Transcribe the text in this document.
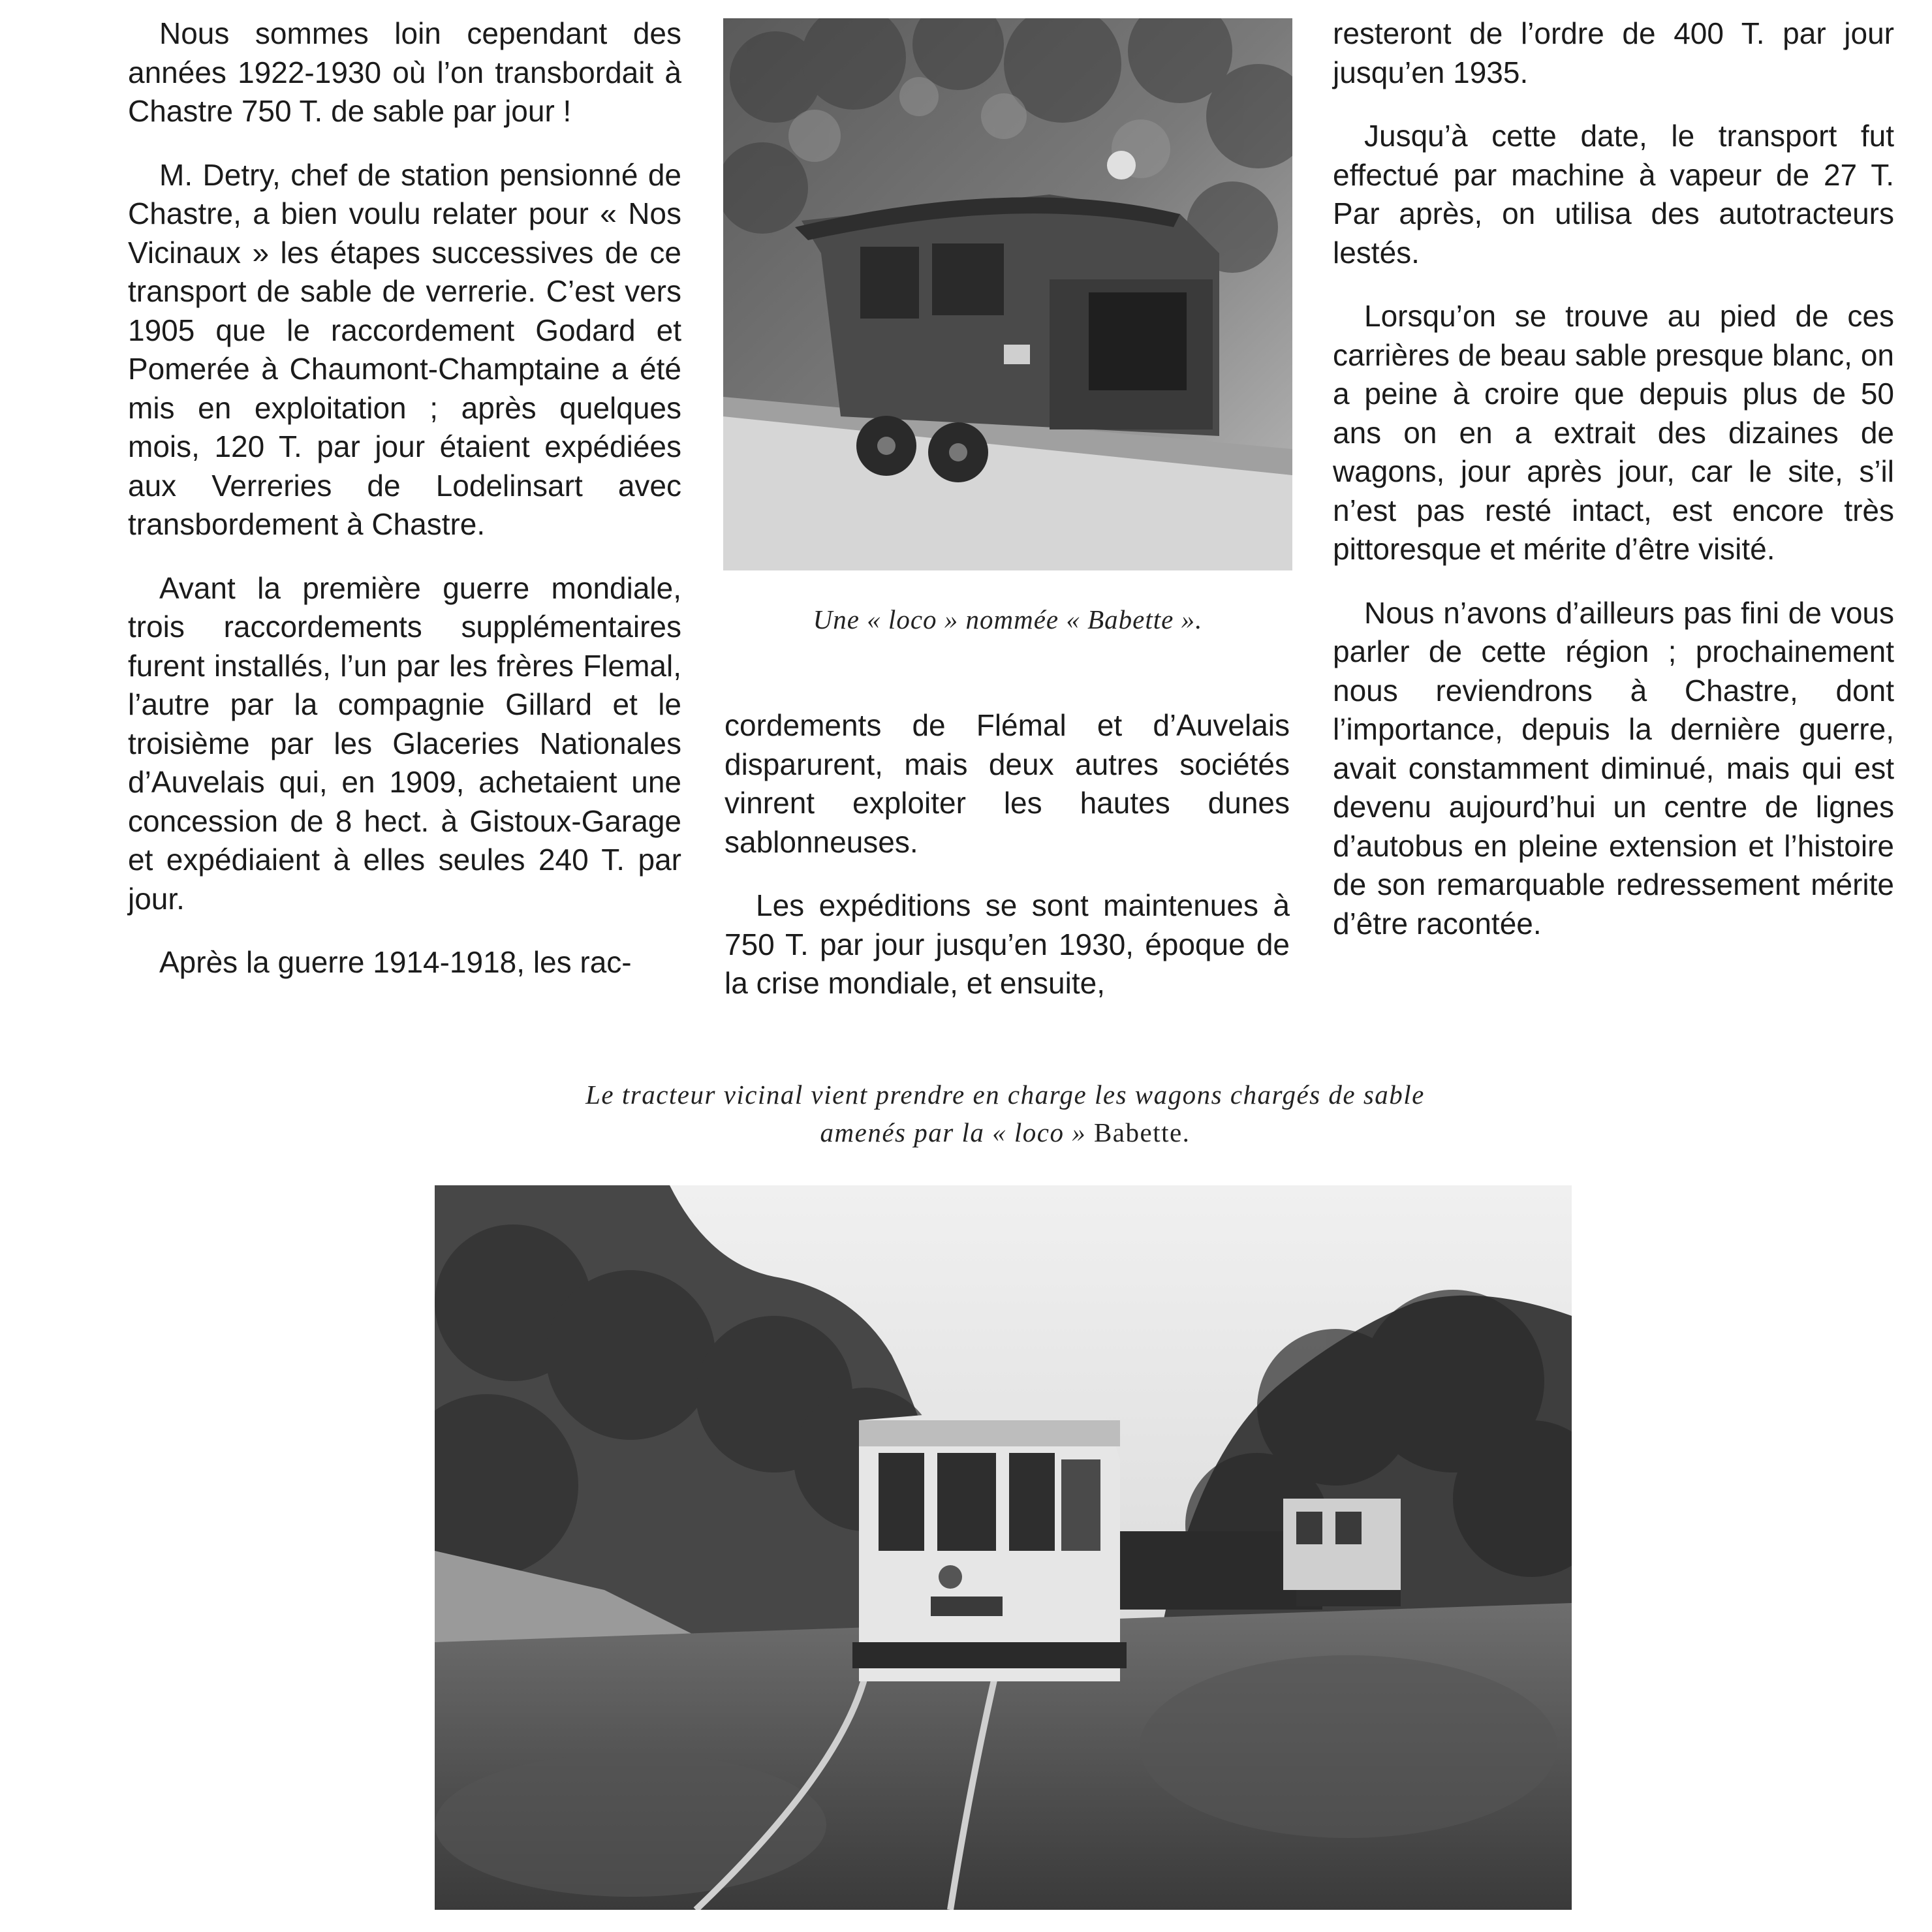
Nous sommes loin cependant des années 1922-1930 où l’on transbordait à Chastre 750 T. de sable par jour !

M. Detry, chef de station pensionné de Chastre, a bien voulu relater pour « Nos Vicinaux » les étapes successives de ce transport de sable de verrerie. C’est vers 1905 que le raccordement Godard et Pomerée à Chaumont-Champtaine a été mis en exploitation ; après quelques mois, 120 T. par jour étaient expédiées aux Verreries de Lodelinsart avec transbordement à Chastre.

Avant la première guerre mondiale, trois raccordements supplémentaires furent installés, l’un par les frères Flemal, l’autre par la compagnie Gillard et le troisième par les Glaceries Nationales d’Auvelais qui, en 1909, achetaient une concession de 8 hect. à Gistoux-Garage et expédiaient à elles seules 240 T. par jour.

Après la guerre 1914-1918, les rac-

Une « loco » nommée « Babette ».

cordements de Flémal et d’Auvelais disparurent, mais deux autres sociétés vinrent exploiter les hautes dunes sablonneuses.

Les expéditions se sont maintenues à 750 T. par jour jusqu’en 1930, époque de la crise mondiale, et ensuite,

resteront de l’ordre de 400 T. par jour jusqu’en 1935.

Jusqu’à cette date, le transport fut effectué par machine à vapeur de 27 T. Par après, on utilisa des autotracteurs lestés.

Lorsqu’on se trouve au pied de ces carrières de beau sable presque blanc, on a peine à croire que depuis plus de 50 ans on en a extrait des dizaines de wagons, jour après jour, car le site, s’il n’est pas resté intact, est encore très pittoresque et mérite d’être visité.

Nous n’avons d’ailleurs pas fini de vous parler de cette région ; prochainement nous reviendrons à Chastre, dont l’importance, depuis la dernière guerre, avait constamment diminué, mais qui est devenu aujourd’hui un centre de lignes d’autobus en pleine extension et l’histoire de son remarquable redressement mérite d’être racontée.

Le tracteur vicinal vient prendre en charge les wagons chargés de sable
amenés par la « loco » Babette.
